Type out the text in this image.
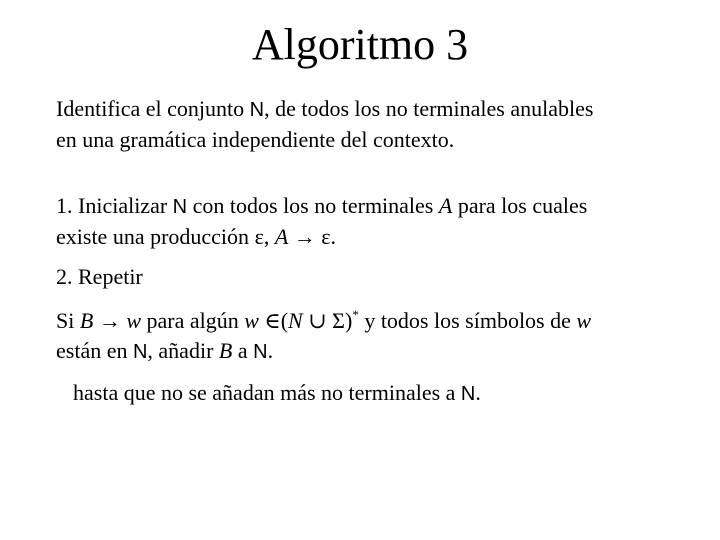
Algoritmo 3
Identifica el conjunto N, de todos los no terminales anulables
en una gramática independiente del contexto.
1. Inicializar N con todos los no terminales A para los cuales
existe una producción ε, A → ε.
2. Repetir
Si B → w para algún w ∈(N ∪ Σ)* y todos los símbolos de w
están en N, añadir B a N.
hasta que no se añadan más no terminales a N.
